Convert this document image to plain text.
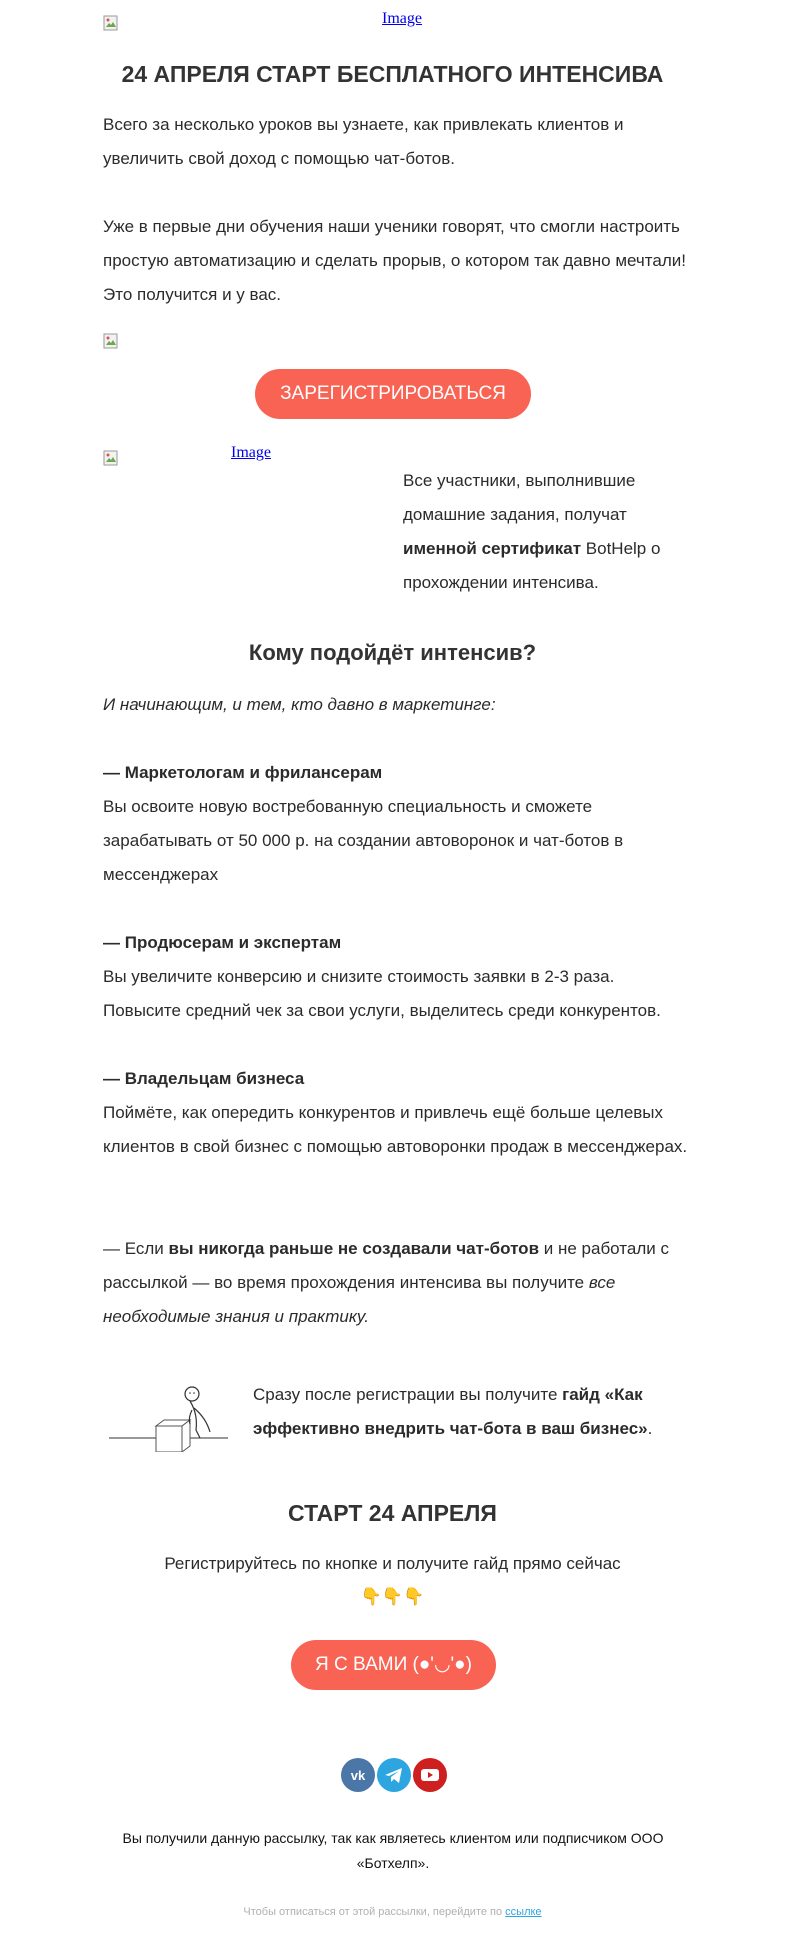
Image
24 АПРЕЛЯ СТАРТ БЕСПЛАТНОГО ИНТЕНСИВА

Всего за несколько уроков вы узнаете, как привлекать клиентов и увеличить свой доход с помощью чат-ботов.

Уже в первые дни обучения наши ученики говорят, что смогли настроить простую автоматизацию и сделать прорыв, о котором так давно мечтали! Это получится и у вас.

ЗАРЕГИСТРИРОВАТЬСЯ
Image

Все участники, выполнившие домашние задания, получат именной сертификат BotHelp о прохождении интенсива.

Кому подойдёт интенсив?

И начинающим, и тем, кто давно в маркетинге:

— Маркетологам и фрилансерам

Вы освоите новую востребованную специальность и сможете зарабатывать от 50 000 р. на создании автоворонок и чат-ботов в мессенджерах

— Продюсерам и экспертам

Вы увеличите конверсию и снизите стоимость заявки в 2-3 раза. Повысите средний чек за свои услуги, выделитесь среди конкурентов.

— Владельцам бизнеса

Поймёте, как опередить конкурентов и привлечь ещё больше целевых клиентов в свой бизнес с помощью автоворонки продаж в мессенджерах.

— Если вы никогда раньше не создавали чат-ботов и не работали с рассылкой — во время прохождения интенсива вы получите все необходимые знания и практику.

Сразу после регистрации вы получите гайд «Как эффективно внедрить чат-бота в ваш бизнес».

СТАРТ 24 АПРЕЛЯ
Регистрируйтесь по кнопке и получите гайд прямо сейчас
👇👇👇
Я С ВАМИ (●'◡'●)
vk
Вы получили данную рассылку, так как являетесь клиентом или подписчиком ООО «Ботхелп».
Чтобы отписаться от этой рассылки, перейдите по ссылке
